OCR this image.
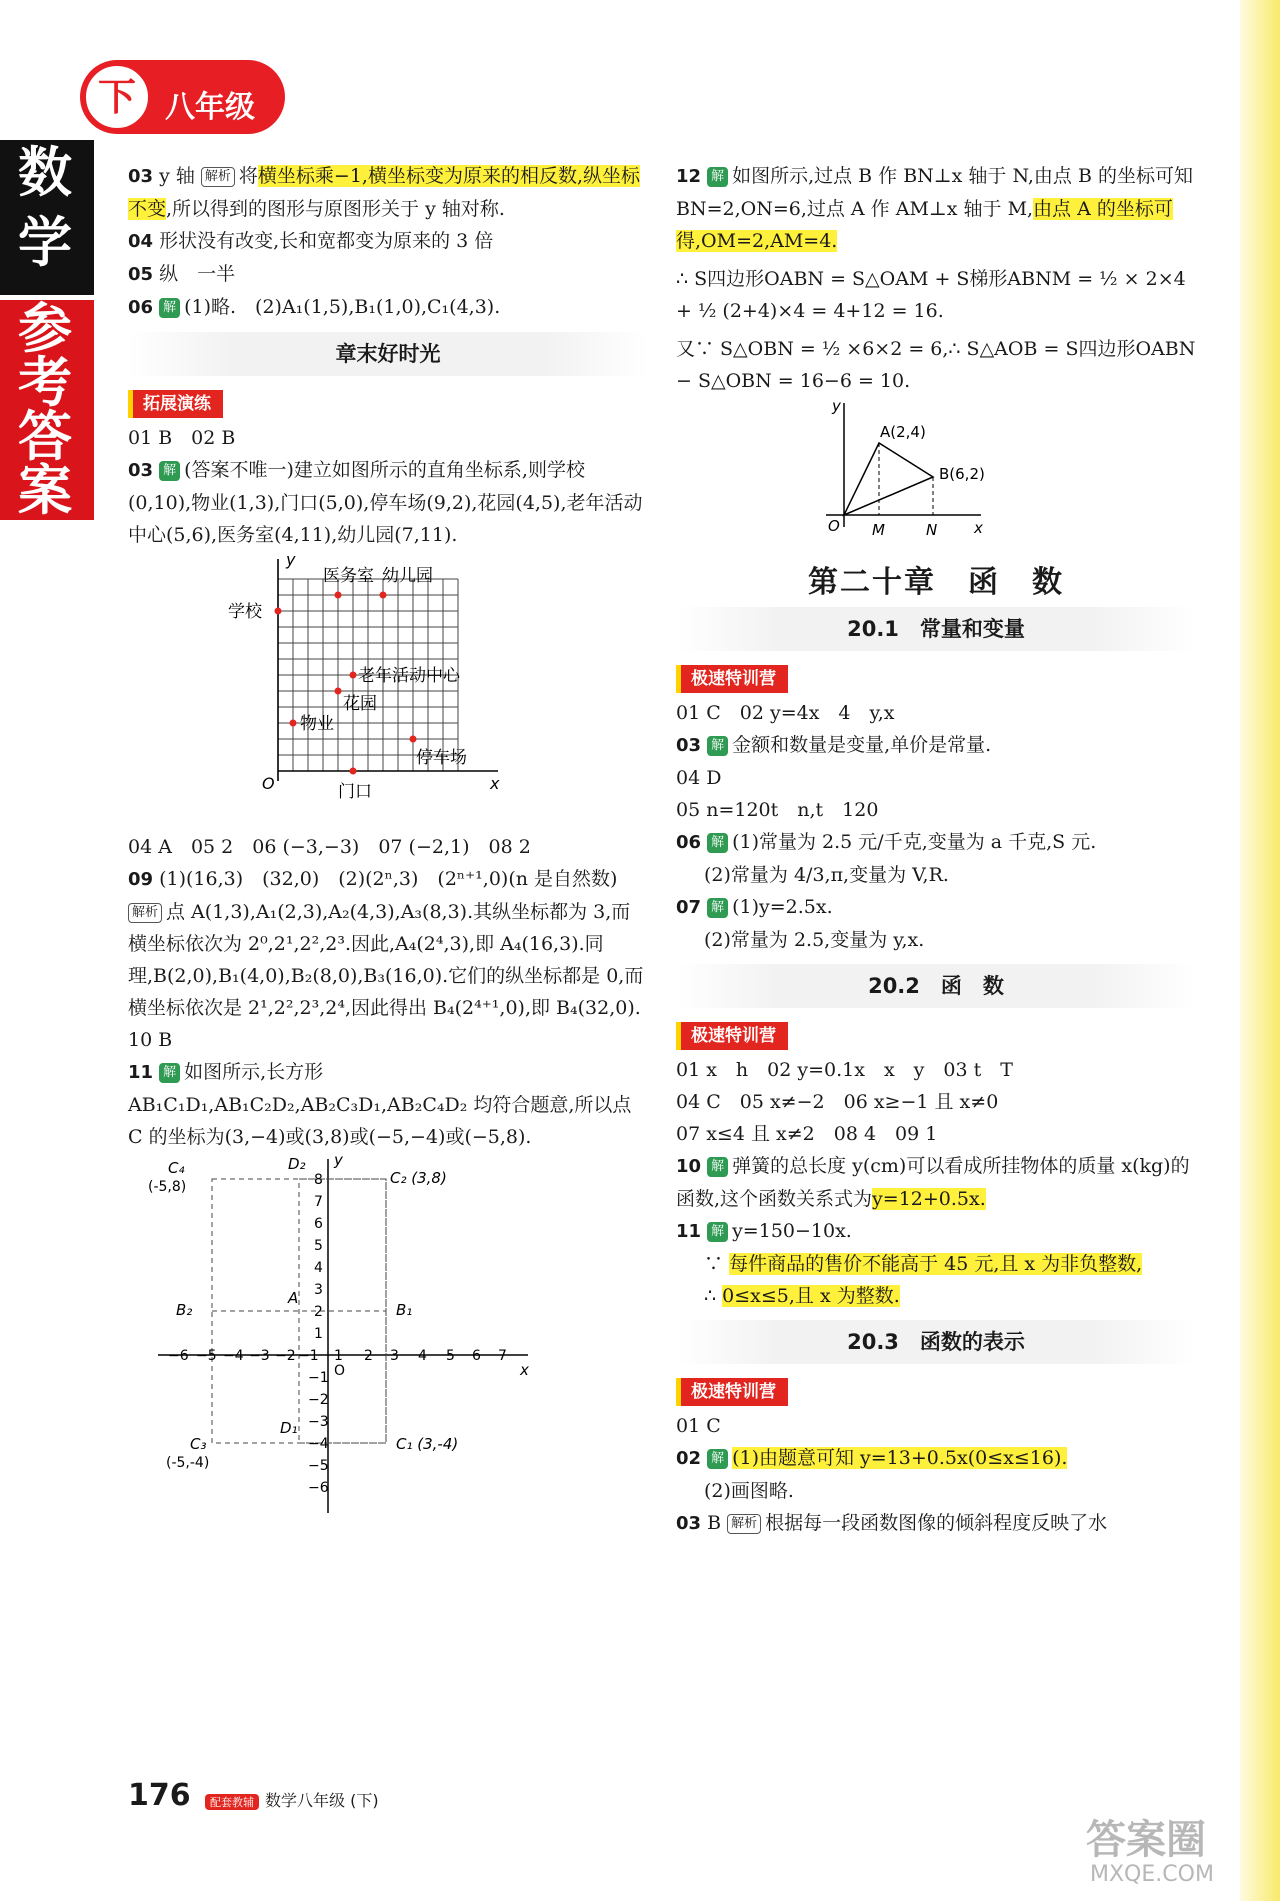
数
学
参
考
答
案
下 八年级

03 y 轴 解析 将横坐标乘−1,横坐标变为原来的相反数,纵坐标不变,所以得到的图形与原图形关于 y 轴对称.

04 形状没有改变,长和宽都变为原来的 3 倍

05 纵　一半

06 解 (1)略.　(2)A₁(1,5),B₁(1,0),C₁(4,3).

章末好时光
拓展演练

01 B　02 B

03 解 (答案不唯一)建立如图所示的直角坐标系,则学校(0,10),物业(1,3),门口(5,0),停车场(9,2),花园(4,5),老年活动中心(5,6),医务室(4,11),幼儿园(7,11).

y
x
O
医务室 幼儿园
学校
老年活动中心
花园
物业
停车场
门口

04 A　05 2　06 (−3,−3)　07 (−2,1)　08 2

09 (1)(16,3)　(32,0)　(2)(2ⁿ,3)　(2ⁿ⁺¹,0)(n 是自然数)

解析 点 A(1,3),A₁(2,3),A₂(4,3),A₃(8,3).其纵坐标都为 3,而横坐标依次为 2⁰,2¹,2²,2³.因此,A₄(2⁴,3),即 A₄(16,3).同理,B(2,0),B₁(4,0),B₂(8,0),B₃(16,0).它们的纵坐标都是 0,而横坐标依次是 2¹,2²,2³,2⁴,因此得出 B₄(2⁴⁺¹,0),即 B₄(32,0).

10 B

11 解 如图所示,长方形 AB₁C₁D₁,AB₁C₂D₂,AB₂C₃D₁,AB₂C₄D₂ 均符合题意,所以点 C 的坐标为(3,−4)或(3,8)或(−5,−4)或(−5,8).

−6 −5 −4 −3 −2 −1 1 2 3 4 5 6 7
8
7
6
5
4
3
2
1
−1
−2
−3
−4
−5
−6
x
y
O
C₄
(-5,8)
D₂
C₂ (3,8)
A
B₂	B₁
C₃
(-5,-4)
D₁
C₁ (3,-4)

12 解 如图所示,过点 B 作 BN⊥x 轴于 N,由点 B 的坐标可知 BN=2,ON=6,过点 A 作 AM⊥x 轴于 M,由点 A 的坐标可得,OM=2,AM=4.

∴ S四边形OABN = S△OAM + S梯形ABNM = ½ × 2×4 + ½ (2+4)×4 = 4+12 = 16.

又∵ S△OBN = ½ ×6×2 = 6,∴ S△AOB = S四边形OABN − S△OBN = 16−6 = 10.

y
A(2,4)
B(6,2)
O M	N x
第二十章　函　数
20.1　常量和变量
极速特训营

01 C　02 y=4x　4　y,x

03 解 金额和数量是变量,单价是常量.

04 D

05 n=120t　n,t　120

06 解 (1)常量为 2.5 元/千克,变量为 a 千克,S 元.

(2)常量为 4/3,π,变量为 V,R.

07 解 (1)y=2.5x.

(2)常量为 2.5,变量为 y,x.

20.2　函　数
极速特训营

01 x　h　02 y=0.1x　x　y　03 t　T

04 C　05 x≠−2　06 x≥−1 且 x≠0

07 x≤4 且 x≠2　08 4　09 1

10 解 弹簧的总长度 y(cm)可以看成所挂物体的质量 x(kg)的函数,这个函数关系式为y=12+0.5x.

11 解 y=150−10x.

∵ 每件商品的售价不能高于 45 元,且 x 为非负整数,

∴ 0≤x≤5,且 x 为整数.

20.3　函数的表示
极速特训营

01 C

02 解 (1)由题意可知 y=13+0.5x(0≤x≤16).

(2)画图略.

03 B 解析 根据每一段函数图像的倾斜程度反映了水

176	配套教辅 数学八年级 (下)
答案圈
MXQE.COM
